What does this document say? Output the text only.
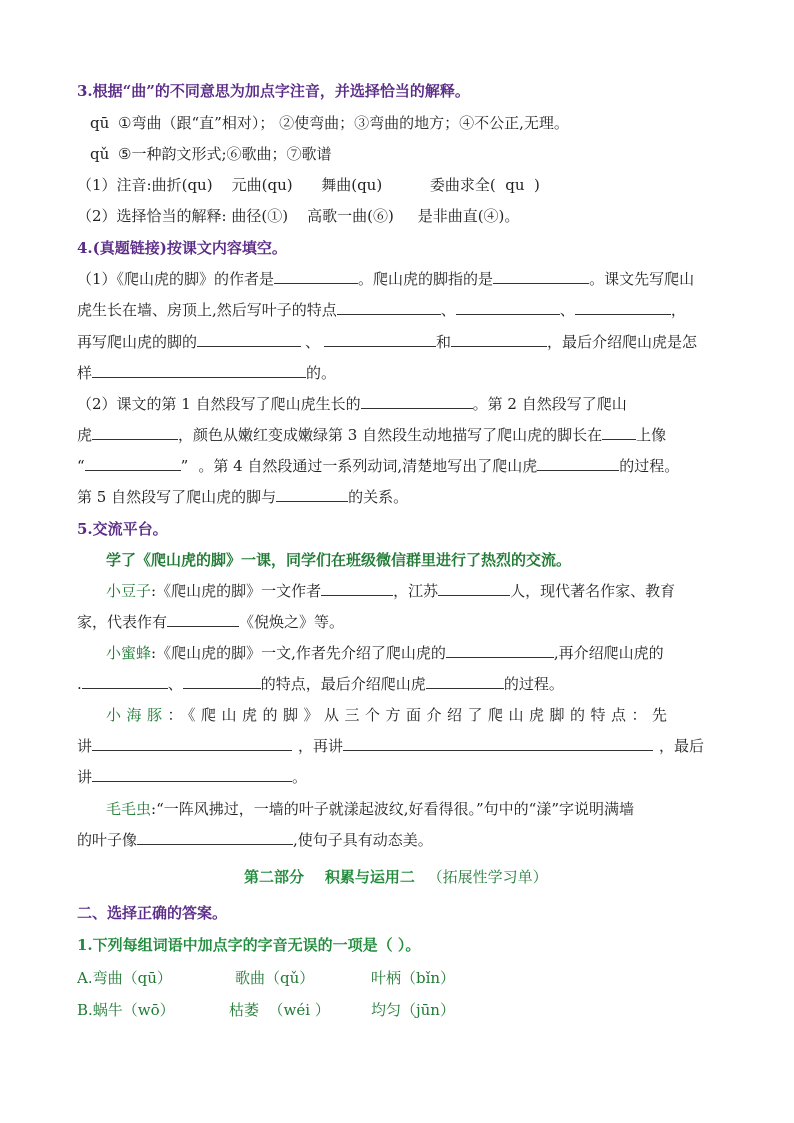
3.根据“曲”的不同意思为加点字注音，并选择恰当的解释。
qū ①弯曲（跟“直”相对）； ②使弯曲；③弯曲的地方；④不公正,无理。
qǔ ⑤一种韵文形式;⑥歌曲；⑦歌谱
（1）注音:曲折(qu)    元曲(qu)      舞曲(qu)          委曲求全(  qu  )
（2）选择恰当的解释: 曲径(①)    高歌一曲(⑥)     是非曲直(④)。
4.(真题链接)按课文内容填空。
（1）《爬山虎的脚》的作者是	。爬山虎的脚指的是	。课文先写爬山
虎生长在墙、房顶上,然后写叶子的特点	、	、	，
再写爬山虎的脚的	、	和	，最后介绍爬山虎是怎
样	的。
（2）课文的第 1 自然段写了爬山虎生长的	。第 2 自然段写了爬山
虎	，颜色从嫩红变成嫩绿第 3 自然段生动地描写了爬山虎的脚长在 上像
“	” 。第 4 自然段通过一系列动词,清楚地写出了爬山虎	的过程。
第 5 自然段写了爬山虎的脚与	的关系。
5.交流平台。
学了《爬山虎的脚》一课，同学们在班级微信群里进行了热烈的交流。
小豆子:《爬山虎的脚》一文作者	，江苏	人，现代著名作家、教育
家，代表作有	《倪焕之》等。
小蜜蜂:《爬山虎的脚》一文,作者先介绍了爬山虎的	,再介绍爬山虎的
.	、	的特点，最后介绍爬山虎	的过程。
小海豚：《爬山虎的脚》从三个方面介绍了爬山虎脚的特点：先
讲	，再讲	，最后
讲	。
毛毛虫:“一阵风拂过，一墙的叶子就漾起波纹,好看得很。”句中的“漾”字说明满墙
的叶子像	,使句子具有动态美。
第二部分    积累与运用二 （拓展性学习单）
二、选择正确的答案。
1.下列每组词语中加点字的字音无误的一项是（ ）。
A.弯曲（qū）	歌曲（qǔ）	叶柄（bǐn）
B.蜗牛（wō）	枯萎  （wéi ）	均匀（jūn）
